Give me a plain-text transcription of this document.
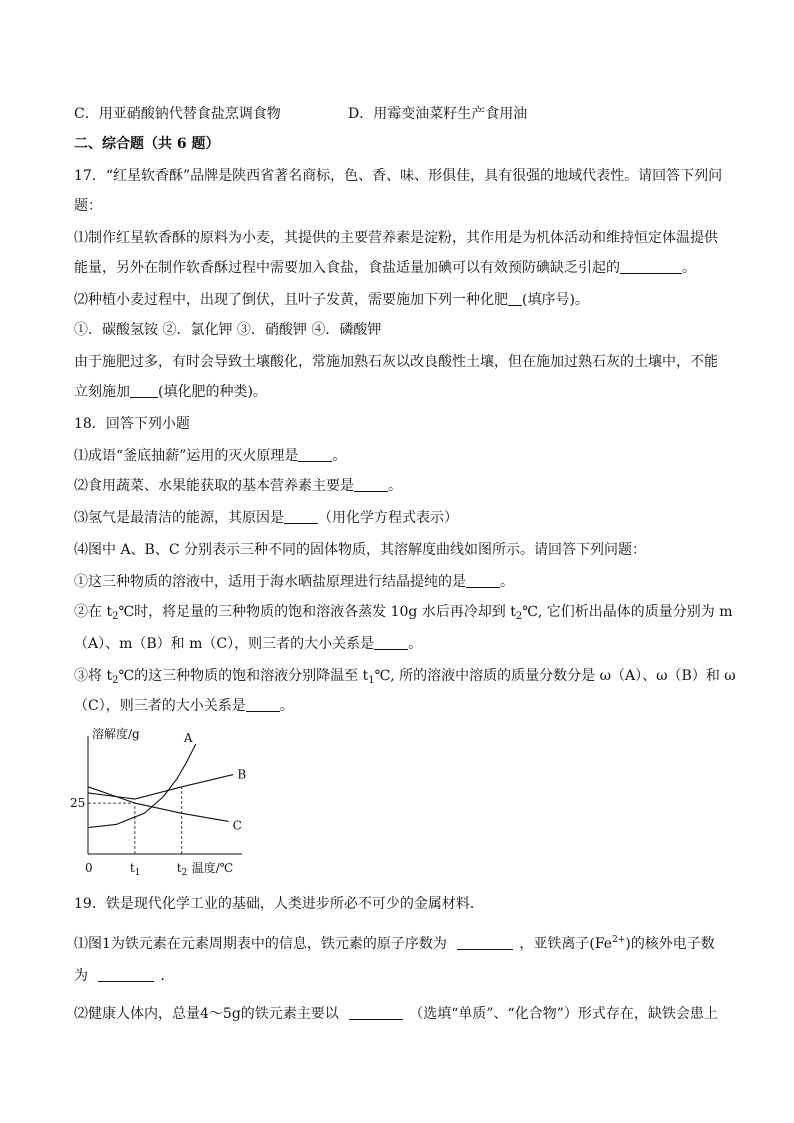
C．用亚硝酸钠代替食盐烹调食物	D．用霉变油菜籽生产食用油
二、综合题（共 6 题）
17．“红星软香酥”品牌是陕西省著名商标，色、香、味、形俱佳，具有很强的地域代表性。请回答下列问
题：
⑴制作红星软香酥的原料为小麦，其提供的主要营养素是淀粉，其作用是为机体活动和维持恒定体温提供
能量，另外在制作软香酥过程中需要加入食盐，食盐适量加碘可以有效预防碘缺乏引起的	。
⑵种植小麦过程中，出现了倒伏，且叶子发黄，需要施加下列一种化肥 (填序号)。
①．碳酸氢铵 ②．氯化钾 ③．硝酸钾 ④．磷酸钾
由于施肥过多，有时会导致土壤酸化，常施加熟石灰以改良酸性土壤，但在施加过熟石灰的土壤中，不能
立刻施加 (填化肥的种类)。
18．回答下列小题
⑴成语“釜底抽薪”运用的灭火原理是 。
⑵食用蔬菜、水果能获取的基本营养素主要是 。
⑶氢气是最清洁的能源，其原因是 （用化学方程式表示）
⑷图中 A、B、C 分别表示三种不同的固体物质，其溶解度曲线如图所示。请回答下列问题：
①这三种物质的溶液中，适用于海水晒盐原理进行结晶提纯的是 。
②在 $t_2℃$时，将足量的三种物质的饱和溶液各蒸发 10g 水后再冷却到 $t_2℃$, 它们析出晶体的质量分别为 m
（A）、m（B）和 m（C），则三者的大小关系是 。
③将 $t_2℃$的这三种物质的饱和溶液分别降温至 $t_1℃$, 所的溶液中溶质的质量分数分是 ω（A）、ω（B）和 ω
（C），则三者的大小关系是 。
A
B
C
溶解度/g
温度/℃
0
25
$t_1$	$t_2$
19．铁是现代化学工业的基础，人类进步所必不可少的金属材料．
⑴图1为铁元素在元素周期表中的信息，铁元素的原子序数为	，亚铁离子$(Fe^{2+})$的核外电子数
为	．
⑵健康人体内，总量4～5g的铁元素主要以	（选填“单质”、“化合物”）形式存在，缺铁会患上
